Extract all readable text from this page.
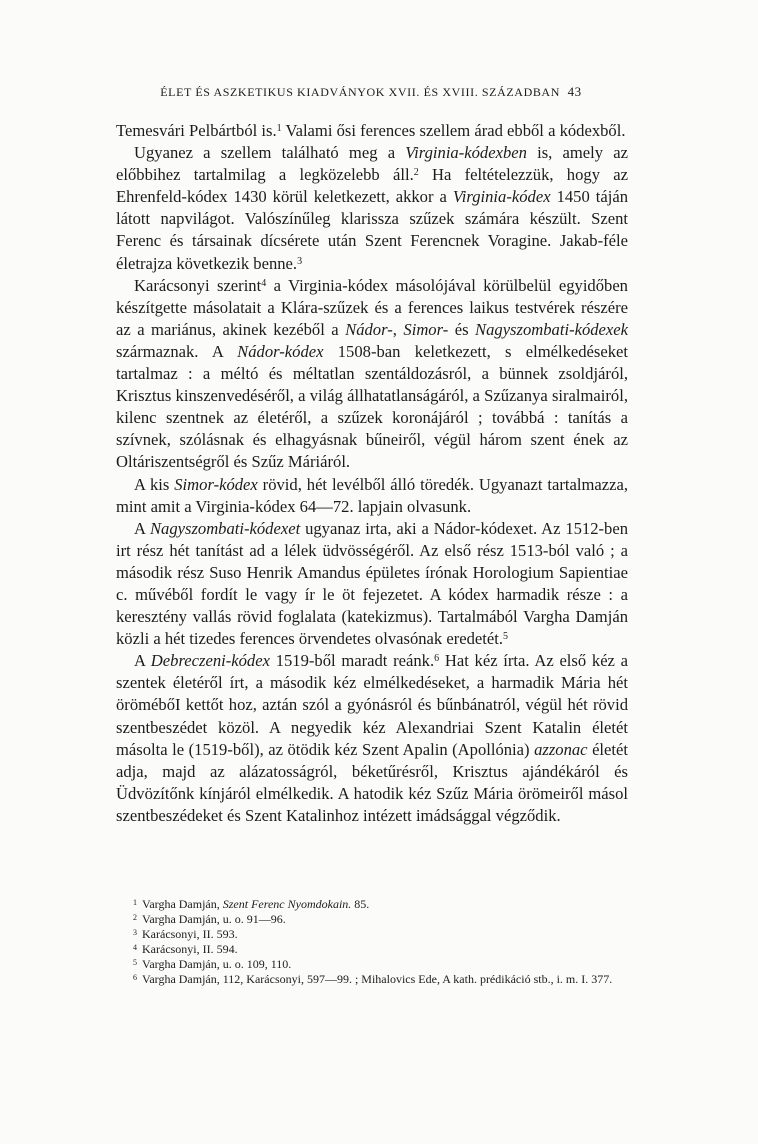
ÉLET ÉS ASZKETIKUS KIADVÁNYOK XVII. ÉS XVIII. SZÁZADBAN 43

Temesvári Pelbártból is.$^1$ Valami ősi ferences szellem árad ebből a kódexből.

Ugyanez a szellem található meg a Virginia-kódexben is, amely az előbbihez tartalmilag a legközelebb áll.$^2$ Ha feltételezzük, hogy az Ehrenfeld-kódex 1430 körül keletkezett, akkor a Virginia-kódex 1450 táján látott napvilágot. Valószínűleg klarissza szűzek számára készült. Szent Ferenc és társainak dícsérete után Szent Ferencnek Voragine. Jakab-féle életrajza következik benne.$^3$

Karácsonyi szerint$^4$ a Virginia-kódex másolójával körülbelül egyidőben készítgette másolatait a Klára-szűzek és a ferences laikus testvérek részére az a mariánus, akinek kezéből a Nádor-, Simor- és Nagyszombati-kódexek származnak. A Nádor-kódex 1508-ban keletkezett, s elmélkedéseket tartalmaz : a méltó és méltatlan szentáldozásról, a bünnek zsoldjáról, Krisztus kinszenvedéséről, a világ állhatatlanságáról, a Szűzanya siralmairól, kilenc szentnek az életéről, a szűzek koronájáról ; továbbá : tanítás a szívnek, szólásnak és elhagyásnak bűneiről, végül három szent ének az Oltáriszentségről és Szűz Máriáról.

A kis Simor-kódex rövid, hét levélből álló töredék. Ugyanazt tartalmazza, mint amit a Virginia-kódex 64—72. lapjain olvasunk.

A Nagyszombati-kódexet ugyanaz irta, aki a Nádor-kódexet. Az 1512-ben irt rész hét tanítást ad a lélek üdvösségéről. Az első rész 1513-ból való ; a második rész Suso Henrik Amandus épületes írónak Horologium Sapientiae c. művéből fordít le vagy ír le öt fejezetet. A kódex harmadik része : a keresztény vallás rövid foglalata (katekizmus). Tartalmából Vargha Damján közli a hét tizedes ferences örvendetes olvasónak eredetét.$^5$

A Debreczeni-kódex 1519-ből maradt reánk.$^6$ Hat kéz írta. Az első kéz a szentek életéről írt, a második kéz elmélkedéseket, a harmadik Mária hét örömébőI kettőt hoz, aztán szól a gyónásról és bűnbánatról, végül hét rövid szentbeszédet közöl. A negyedik kéz Alexandriai Szent Katalin életét másolta le (1519-ből), az ötödik kéz Szent Apalin (Apollónia) azzonac életét adja, majd az alázatosságról, béketűrésről, Krisztus ajándékáról és Üdvözítőnk kínjáról elmélkedik. A hatodik kéz Szűz Mária örömeiről másol szentbeszédeket és Szent Katalinhoz intézett imádsággal végződik.

$^1$ Vargha Damján, Szent Ferenc Nyomdokain. 85.
$^2$ Vargha Damján, u. o. 91—96.
$^3$ Karácsonyi, II. 593.
$^4$ Karácsonyi, II. 594.
$^5$ Vargha Damján, u. o. 109, 110.
$^6$ Vargha Damján, 112, Karácsonyi, 597—99. ; Mihalovics Ede, A kath. prédikáció stb., i. m. I. 377.
